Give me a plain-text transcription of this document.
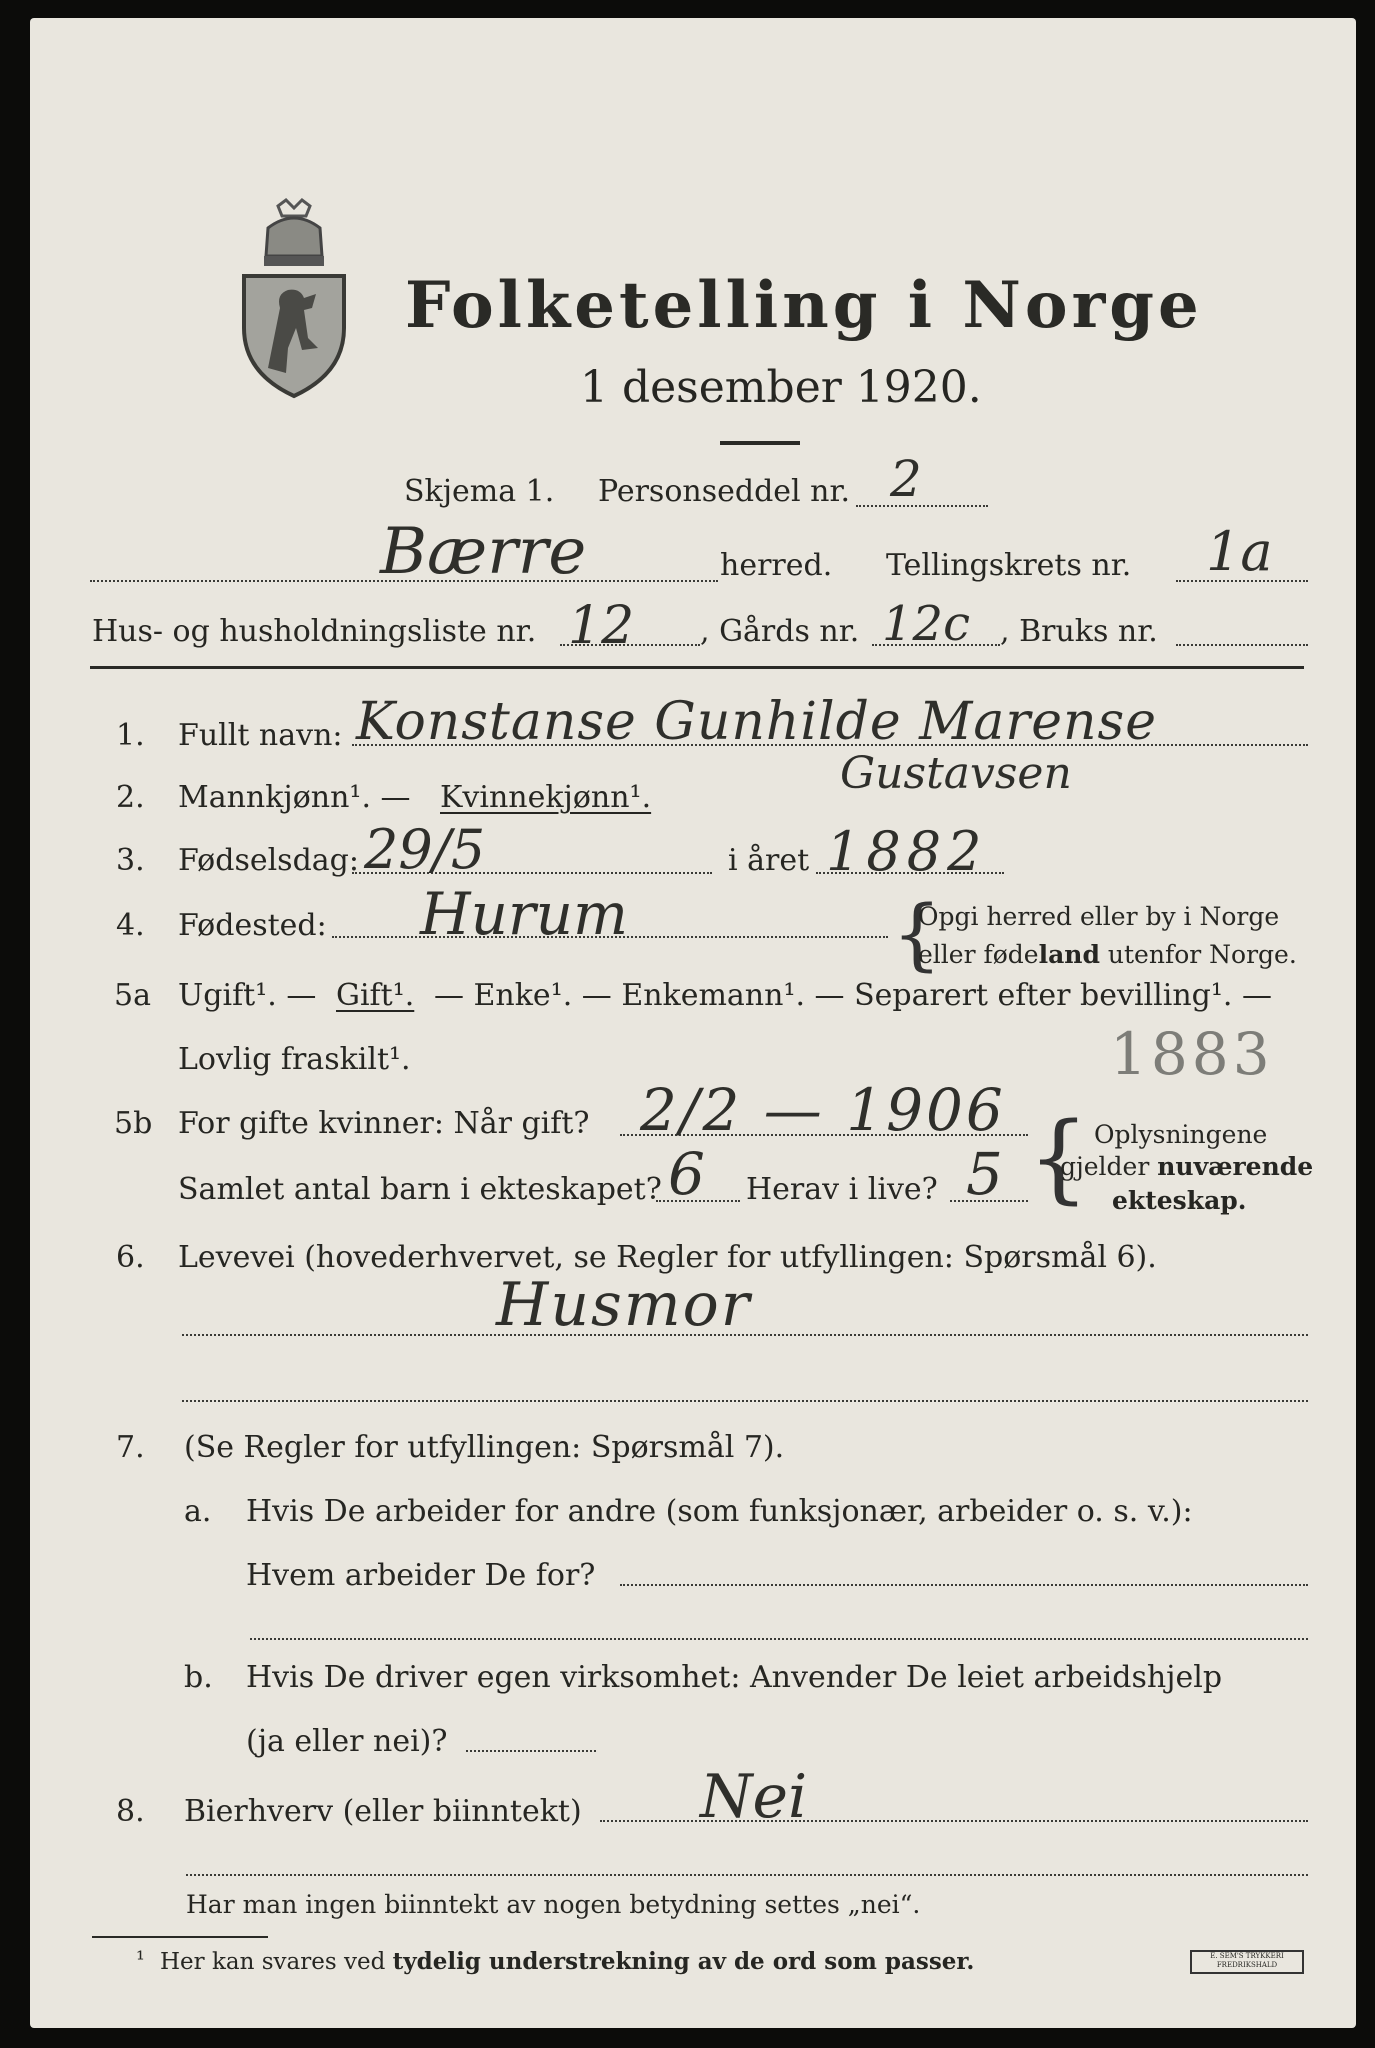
Folketelling i Norge
1 desember 1920.
Skjema 1. Personseddel nr. 2
Bærre	herred. Tellingskrets nr. 1a
Hus- og husholdningsliste nr. 12 , Gårds nr. 12c , Bruks nr.
1. Fullt navn: Konstanse Gunhilde Marense
Gustavsen
2. Mannkjønn¹. — Kvinnekjønn¹.
3. Fødselsdag: 29/5	i året 1882
4. Fødested: Hurum	{
Opgi herred eller by i Norge
eller fødeland utenfor Norge.
5a Ugift¹. — Gift¹. — Enke¹. — Enkemann¹. — Separert efter bevilling¹. —
Lovlig fraskilt¹.	1883
5b For gifte kvinner: Når gift? 2/2 — 1906
Samlet antal barn i ekteskapet? 6 Herav i live? 5 { Oplysningene
gjelder nuværende
ekteskap.
6. Levevei (hovederhvervet, se Regler for utfyllingen: Spørsmål 6).
Husmor
7. (Se Regler for utfyllingen: Spørsmål 7).
a. Hvis De arbeider for andre (som funksjonær, arbeider o. s. v.):
Hvem arbeider De for?
b. Hvis De driver egen virksomhet: Anvender De leiet arbeidshjelp
(ja eller nei)?
8. Bierhverv (eller biinntekt) Nei
Har man ingen biinntekt av nogen betydning settes „nei“.
¹ Her kan svares ved tydelig understrekning av de ord som passer.	E. SEM'S TRYKKERI FREDRIKSHALD
